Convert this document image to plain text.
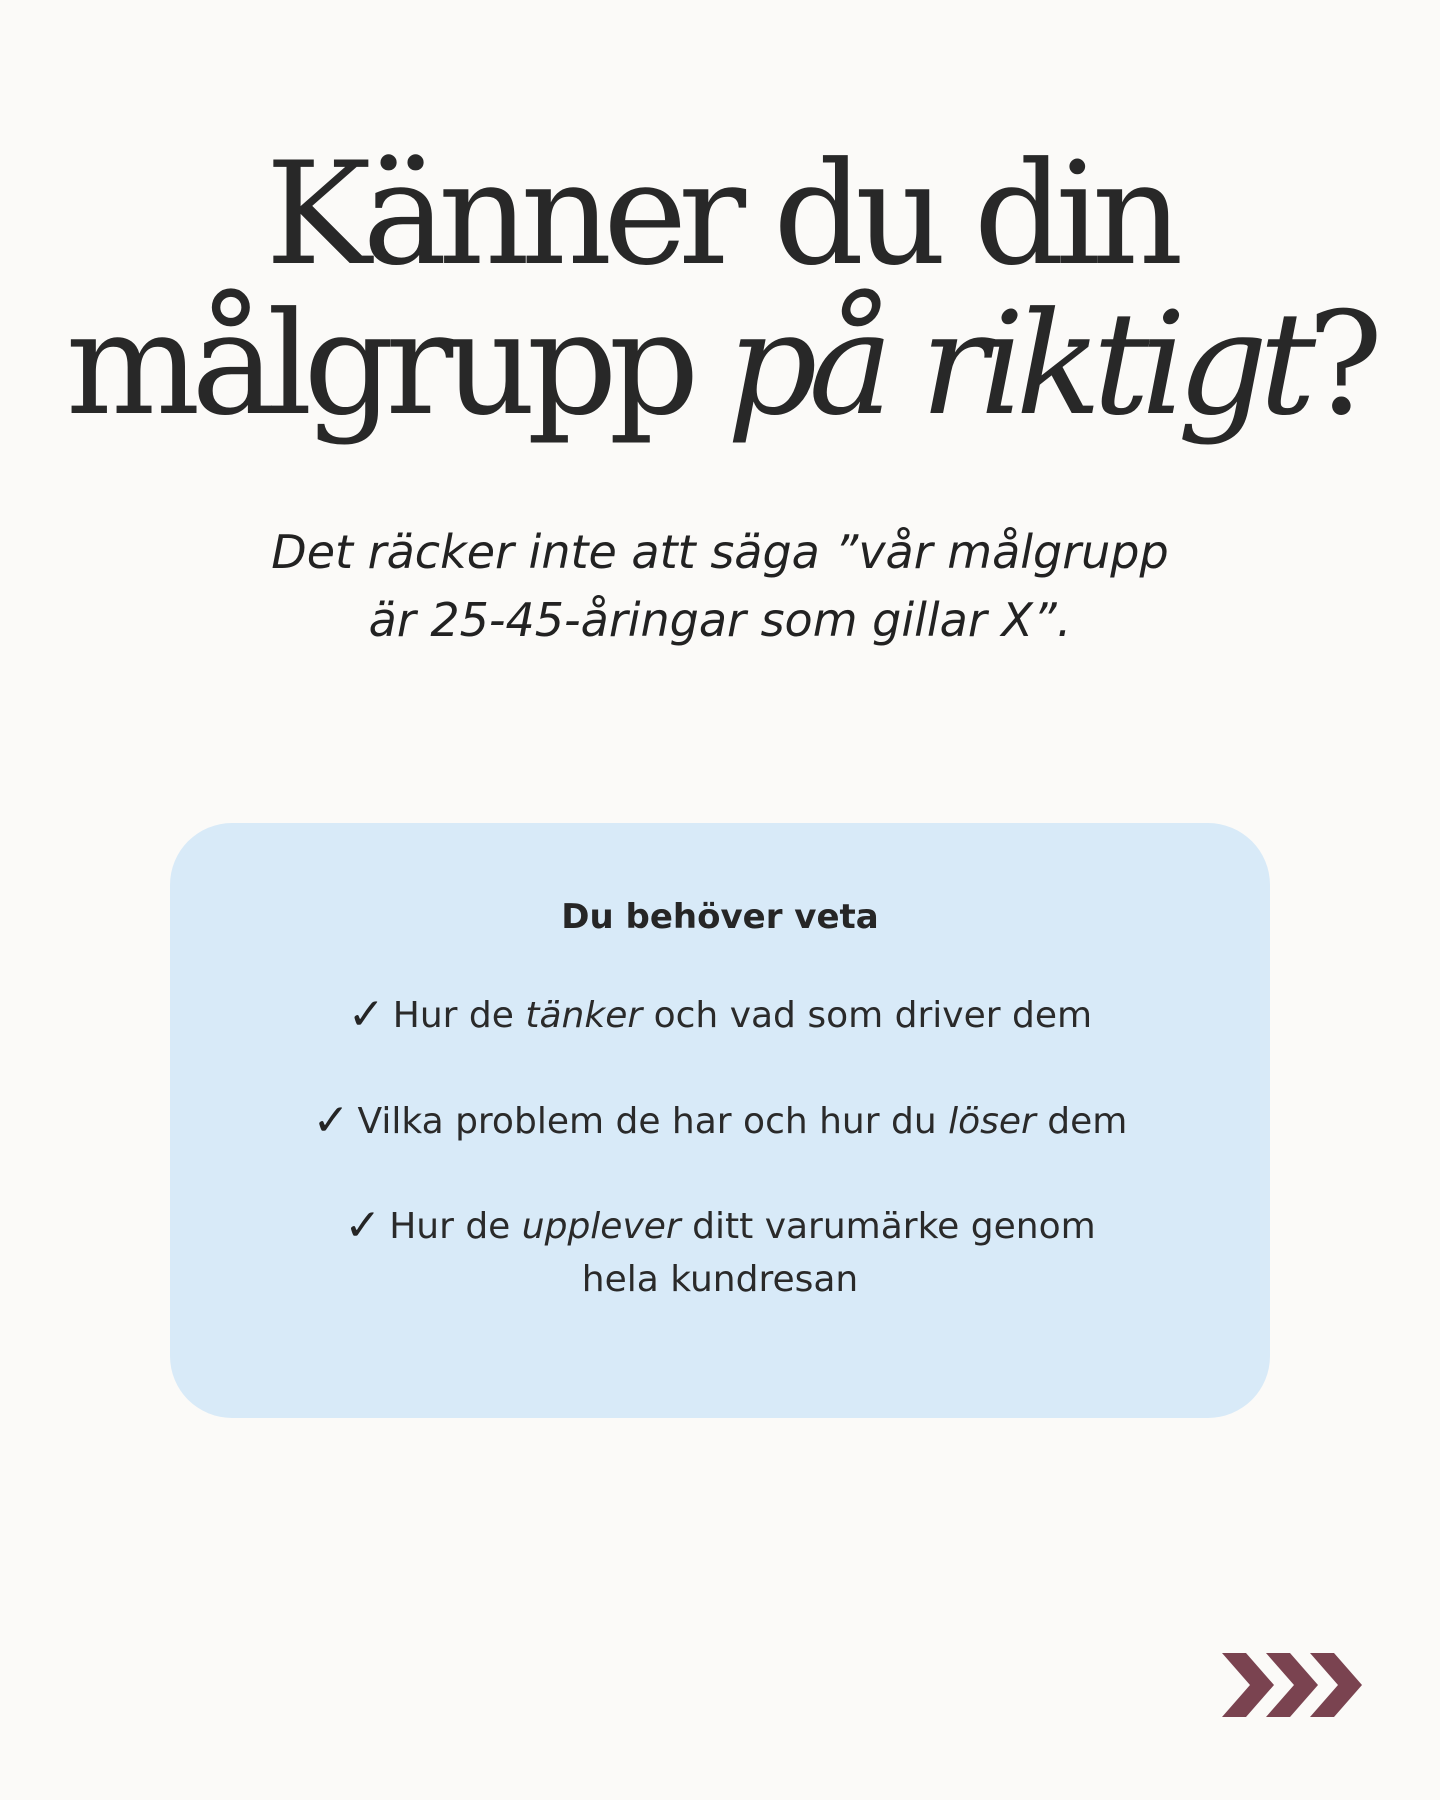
Känner du din
målgrupp på riktigt?

Det räcker inte att säga ”vår målgrupp
är 25-45-åringar som gillar X”.

Du behöver veta

✓ Hur de tänker och vad som driver dem
✓ Vilka problem de har och hur du löser dem
✓ Hur de upplever ditt varumärke genom
hela kundresan
